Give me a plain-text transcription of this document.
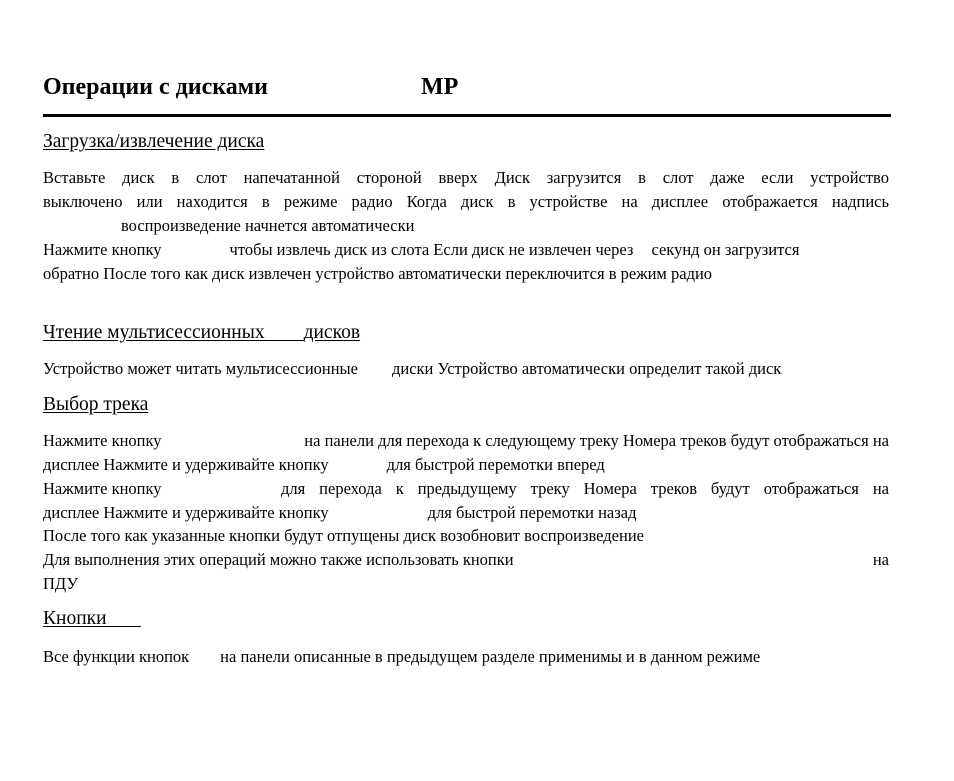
Операции с дисками	MP
Загрузка/извлечение диска
Вставьте диск в слот напечатанной стороной вверх Диск загрузится в слот даже если устройство
выключено или находится в режиме радио Когда диск в устройстве на дисплее отображается надпись
воспроизведение начнется автоматически
Нажмите кнопку	чтобы извлечь диск из слота Если диск не извлечен через секунд он загрузится
обратно После того как диск извлечен устройство автоматически переключится в режим радио
Чтение мультисессионных дисков
Устройство может читать мультисессионные диски Устройство автоматически определит такой диск
Выбор трека
Нажмите кнопку	на панели для перехода к следующему треку Номера треков будут отображаться на
дисплее Нажмите и удерживайте кнопку	для быстрой перемотки вперед
Нажмите кнопку	для перехода к предыдущему треку Номера треков будут отображаться на
дисплее Нажмите и удерживайте кнопку	для быстрой перемотки назад
После того как указанные кнопки будут отпущены диск возобновит воспроизведение
Для выполнения этих операций можно также использовать кнопки	на
ПДУ
Кнопки
Все функции кнопок на панели описанные в предыдущем разделе применимы и в данном режиме
